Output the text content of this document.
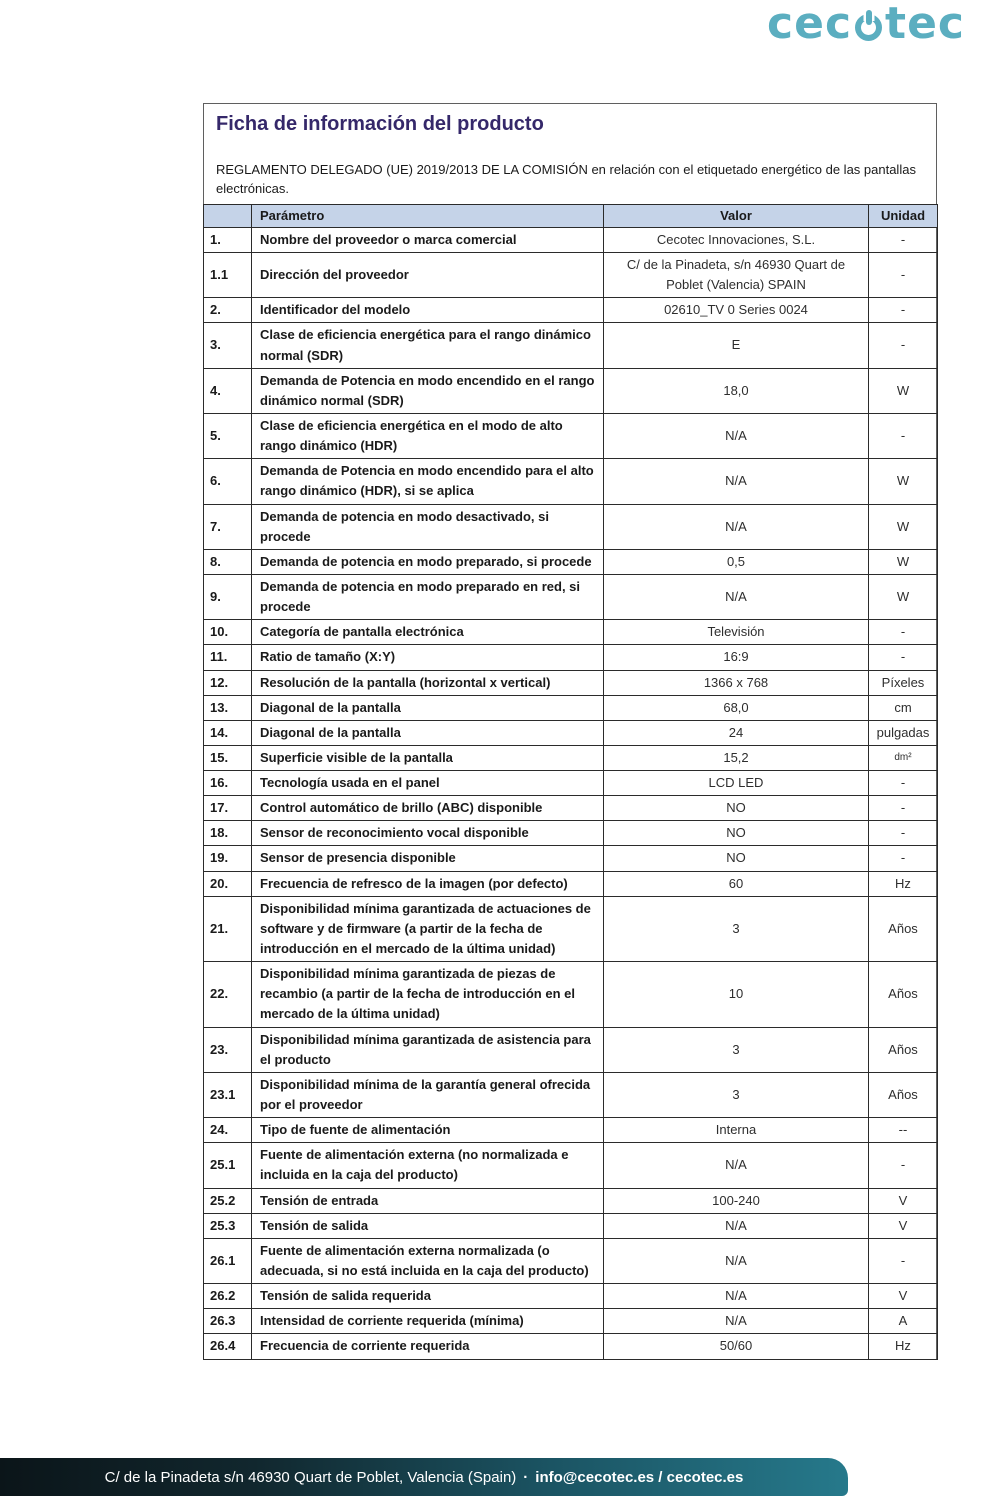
cec tec
Ficha de información del producto
REGLAMENTO DELEGADO (UE) 2019/2013 DE LA COMISIÓN en relación con el etiquetado energético de las pantallas electrónicas.
	Parámetro	Valor	Unidad
1.	Nombre del proveedor o marca comercial	Cecotec Innovaciones, S.L.	-
1.1	Dirección del proveedor	C/ de la Pinadeta, s/n 46930 Quart de Poblet (Valencia) SPAIN	-
2.	Identificador del modelo	02610_TV 0 Series 0024	-
3.	Clase de eficiencia energética para el rango dinámico normal (SDR)	E	-
4.	Demanda de Potencia en modo encendido en el rango dinámico normal (SDR)	18,0	W
5.	Clase de eficiencia energética en el modo de alto rango dinámico (HDR)	N/A	-
6.	Demanda de Potencia en modo encendido para el alto rango dinámico (HDR), si se aplica	N/A	W
7.	Demanda de potencia en modo desactivado, si procede	N/A	W
8.	Demanda de potencia en modo preparado, si procede	0,5	W
9.	Demanda de potencia en modo preparado en red, si procede	N/A	W
10.	Categoría de pantalla electrónica	Televisión	-
11.	Ratio de tamaño (X:Y)	16:9	-
12.	Resolución de la pantalla (horizontal x vertical)	1366 x 768	Píxeles
13.	Diagonal de la pantalla	68,0	cm
14.	Diagonal de la pantalla	24	pulgadas
15.	Superficie visible de la pantalla	15,2	dm²
16.	Tecnología usada en el panel	LCD LED	-
17.	Control automático de brillo (ABC) disponible	NO	-
18.	Sensor de reconocimiento vocal disponible	NO	-
19.	Sensor de presencia disponible	NO	-
20.	Frecuencia de refresco de la imagen (por defecto)	60	Hz
21.	Disponibilidad mínima garantizada de actuaciones de software y de firmware (a partir de la fecha de introducción en el mercado de la última unidad)	3	Años
22.	Disponibilidad mínima garantizada de piezas de recambio (a partir de la fecha de introducción en el mercado de la última unidad)	10	Años
23.	Disponibilidad mínima garantizada de asistencia para el producto	3	Años
23.1	Disponibilidad mínima de la garantía general ofrecida por el proveedor	3	Años
24.	Tipo de fuente de alimentación	Interna	--
25.1	Fuente de alimentación externa (no normalizada e incluida en la caja del producto)	N/A	-
25.2	Tensión de entrada	100-240	V
25.3	Tensión de salida	N/A	V
26.1	Fuente de alimentación externa normalizada (o adecuada, si no está incluida en la caja del producto)	N/A	-
26.2	Tensión de salida requerida	N/A	V
26.3	Intensidad de corriente requerida (mínima)	N/A	A
26.4	Frecuencia de corriente requerida	50/60	Hz
C/ de la Pinadeta s/n 46930 Quart de Poblet, Valencia (Spain) · info@cecotec.es / cecotec.es
